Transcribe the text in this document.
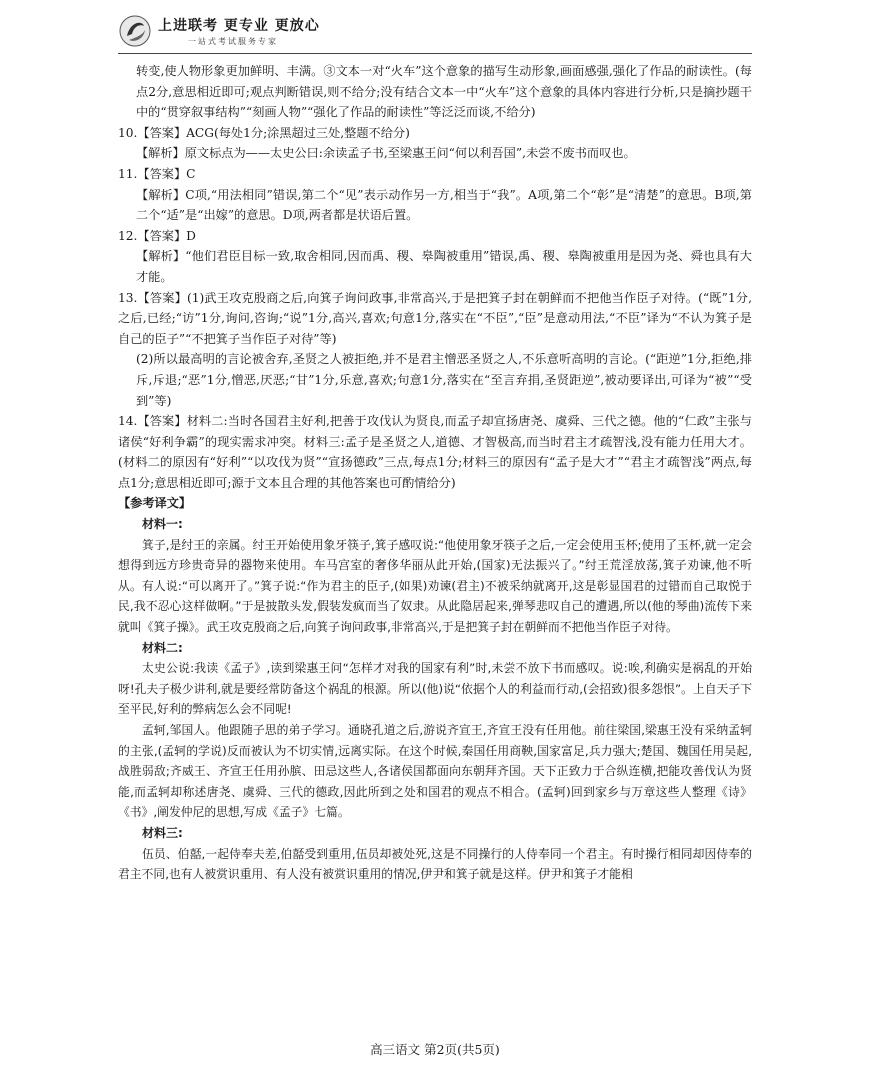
上进联考 更专业 更放心
一站式考试服务专家

转变,使人物形象更加鲜明、丰满。③文本一对“火车”这个意象的描写生动形象,画面感强,强化了作品的耐读性。(每点2分,意思相近即可;观点判断错误,则不给分;没有结合文本一中“火车”这个意象的具体内容进行分析,只是摘抄题干中的“贯穿叙事结构”“刻画人物”“强化了作品的耐读性”等泛泛而谈,不给分)

10.【答案】ACG(每处1分;涂黑超过三处,整题不给分)

【解析】原文标点为——太史公曰:余读孟子书,至梁惠王问“何以利吾国”,未尝不废书而叹也。

11.【答案】C

【解析】C项,“用法相同”错误,第二个“见”表示动作另一方,相当于“我”。A项,第二个“彰”是“清楚”的意思。B项,第二个“适”是“出嫁”的意思。D项,两者都是状语后置。

12.【答案】D

【解析】“他们君臣目标一致,取舍相同,因而禹、稷、皋陶被重用”错误,禹、稷、皋陶被重用是因为尧、舜也具有大才能。

13.【答案】(1)武王攻克殷商之后,向箕子询问政事,非常高兴,于是把箕子封在朝鲜而不把他当作臣子对待。(“既”1分, 之后,已经;“访”1分,询问,咨询;“说”1分,高兴,喜欢;句意1分,落实在“不臣”,“臣”是意动用法,“不臣”译为“不认为箕子是自己的臣子”“不把箕子当作臣子对待”等)

(2)所以最高明的言论被舍弃,圣贤之人被拒绝,并不是君主憎恶圣贤之人,不乐意听高明的言论。(“距逆”1分,拒绝,排斥,斥退;“恶”1分,憎恶,厌恶;“甘”1分,乐意,喜欢;句意1分,落实在“至言弃捐,圣贤距逆”,被动要译出,可译为“被”“受到”等)

14.【答案】材料二:当时各国君主好利,把善于攻伐认为贤良,而孟子却宣扬唐尧、虞舜、三代之德。他的“仁政”主张与诸侯“好利争霸”的现实需求冲突。材料三:孟子是圣贤之人,道德、才智极高,而当时君主才疏智浅,没有能力任用大才。(材料二的原因有“好利”“以攻伐为贤”“宣扬德政”三点,每点1分;材料三的原因有“孟子是大才”“君主才疏智浅”两点,每点1分;意思相近即可;源于文本且合理的其他答案也可酌情给分)

【参考译文】

材料一:

箕子,是纣王的亲属。纣王开始使用象牙筷子,箕子感叹说:“他使用象牙筷子之后,一定会使用玉杯;使用了玉杯,就一定会想得到远方珍贵奇异的器物来使用。车马宫室的奢侈华丽从此开始,(国家)无法振兴了。”纣王荒淫放荡,箕子劝谏,他不听从。有人说:“可以离开了。”箕子说:“作为君主的臣子,(如果)劝谏(君主)不被采纳就离开,这是彰显国君的过错而自己取悦于民,我不忍心这样做啊。”于是披散头发,假装发疯而当了奴隶。从此隐居起来,弹琴悲叹自己的遭遇,所以(他的琴曲)流传下来就叫《箕子操》。武王攻克殷商之后,向箕子询问政事,非常高兴,于是把箕子封在朝鲜而不把他当作臣子对待。

材料二:

太史公说:我读《孟子》,读到梁惠王问“怎样才对我的国家有利”时,未尝不放下书而感叹。说:唉,利确实是祸乱的开始呀!孔夫子极少讲利,就是要经常防备这个祸乱的根源。所以(他)说“依据个人的利益而行动,(会招致)很多怨恨”。上自天子下至平民,好利的弊病怎么会不同呢!

孟轲,邹国人。他跟随子思的弟子学习。通晓孔道之后,游说齐宣王,齐宣王没有任用他。前往梁国,梁惠王没有采纳孟轲的主张,(孟轲的学说)反而被认为不切实情,远离实际。在这个时候,秦国任用商鞅,国家富足,兵力强大;楚国、魏国任用吴起,战胜弱敌;齐威王、齐宣王任用孙膑、田忌这些人,各诸侯国都面向东朝拜齐国。天下正致力于合纵连横,把能攻善伐认为贤能,而孟轲却称述唐尧、虞舜、三代的德政,因此所到之处和国君的观点不相合。(孟轲)回到家乡与万章这些人整理《诗》《书》,阐发仲尼的思想,写成《孟子》七篇。

材料三:

伍员、伯嚭,一起侍奉夫差,伯嚭受到重用,伍员却被处死,这是不同操行的人侍奉同一个君主。有时操行相同却因侍奉的君主不同,也有人被赏识重用、有人没有被赏识重用的情况,伊尹和箕子就是这样。伊尹和箕子才能相

高三语文 第2页(共5页)
